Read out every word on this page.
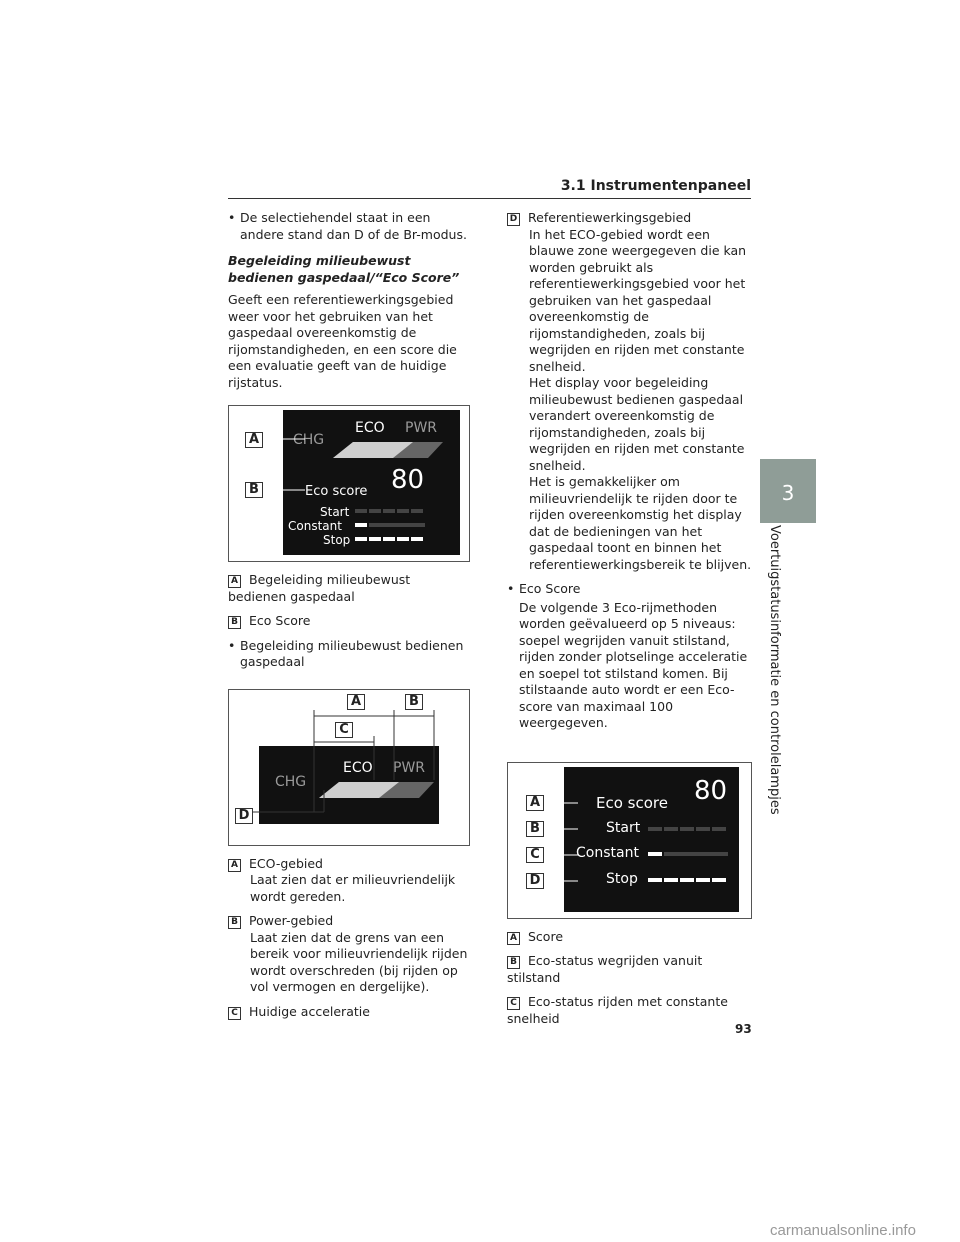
3.1 Instrumentenpaneel
3
Voertuigstatusinformatie en controlelampjes
• De selectiehendel staat in een andere stand dan D of de Br-modus.
Begeleiding milieubewust bedienen gaspedaal/“Eco Score”

Geeft een referentiewerkingsgebied weer voor het gebruiken van het gaspedaal overeenkomstig de rijomstandigheden, en een score die een evaluatie geeft van de huidige rijstatus.

CHG
ECO PWR
Eco score 80
Start
Constant
Stop
A
B
A Begeleiding milieubewust bedienen gaspedaal
B Eco Score
• Begeleiding milieubewust bedienen gaspedaal
CHG
ECO PWR
A	B
C
D
A ECO-gebied
Laat zien dat er milieuvriendelijk wordt gereden.
B Power-gebied
Laat zien dat de grens van een bereik voor milieuvriendelijk rijden wordt overschreden (bij rijden op vol vermogen en dergelijke).
C Huidige acceleratie
D Referentiewerkingsgebied
In het ECO-gebied wordt een blauwe zone weergegeven die kan worden gebruikt als referentiewerkingsgebied voor het gebruiken van het gaspedaal overeenkomstig de rijomstandigheden, zoals bij wegrijden en rijden met constante snelheid.
Het display voor begeleiding milieubewust bedienen gaspedaal verandert overeenkomstig de rijomstandigheden, zoals bij wegrijden en rijden met constante snelheid.
Het is gemakkelijker om milieuvriendelijk te rijden door te rijden overeenkomstig het display dat de bedieningen van het gaspedaal toont en binnen het referentiewerkingsbereik te blijven.
• Eco Score
De volgende 3 Eco-rijmethoden worden geëvalueerd op 5 niveaus: soepel wegrijden vanuit stilstand, rijden zonder plotselinge acceleratie en soepel tot stilstand komen. Bij stilstaande auto wordt er een Eco-score van maximaal 100 weergegeven.
Eco score 80
Start
Constant
Stop
A
B
C
D
A Score
B Eco-status wegrijden vanuit stilstand
C Eco-status rijden met constante snelheid
93
carmanualsonline.info
